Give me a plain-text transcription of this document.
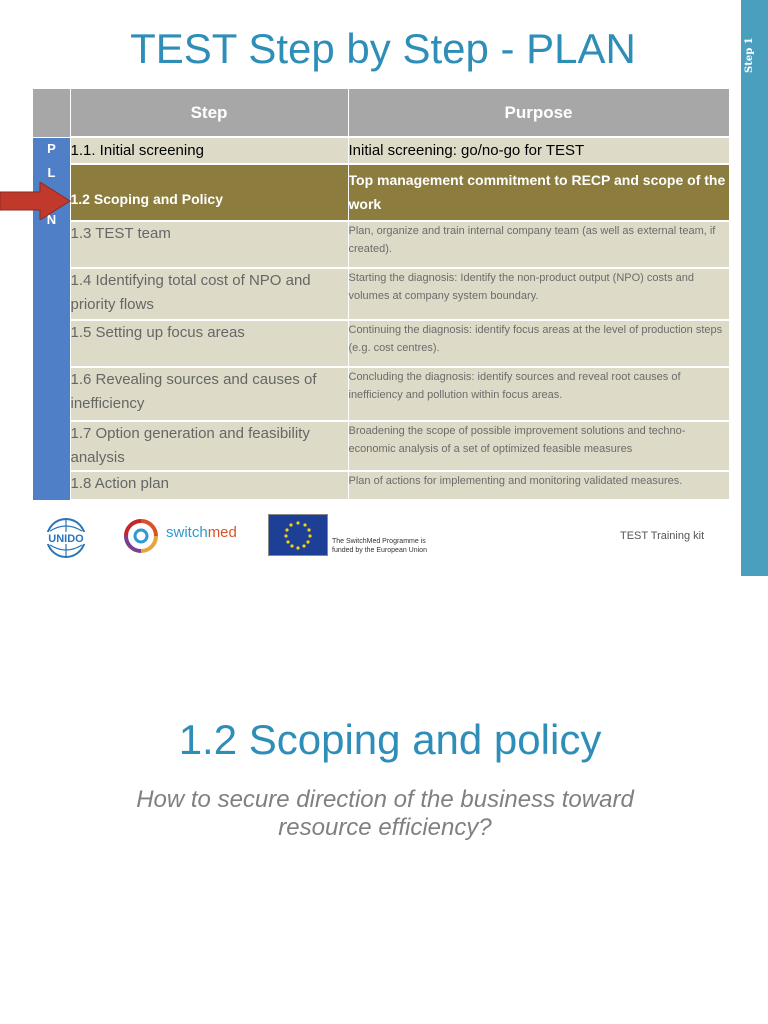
Step 1
TEST Step by Step - PLAN
P
L
N
	Step	Purpose
	1.1. Initial screening	Initial screening: go/no-go for TEST
	1.2 Scoping and Policy	Top management commitment to RECP and scope of the work
	1.3 TEST team	Plan, organize and train internal company team (as well as external team, if created).
	1.4 Identifying total cost of NPO and priority flows	Starting the diagnosis: Identify the non-product output (NPO) costs and volumes at company system boundary.
	1.5 Setting up focus areas	Continuing the diagnosis: identify focus areas at the level of production steps (e.g. cost centres).
	1.6 Revealing sources and causes of inefficiency	Concluding the diagnosis: identify sources and reveal root causes of inefficiency and pollution within focus areas.
	1.7 Option generation and feasibility analysis	Broadening the scope of possible improvement solutions and techno-economic analysis of a set of optimized feasible measures
	1.8 Action plan	Plan of actions for implementing and monitoring validated measures.
UNIDO	switchmed
The SwitchMed Programme is funded by the European Union
TEST Training kit
1.2 Scoping and policy
How to secure direction of the business toward resource efficiency?
